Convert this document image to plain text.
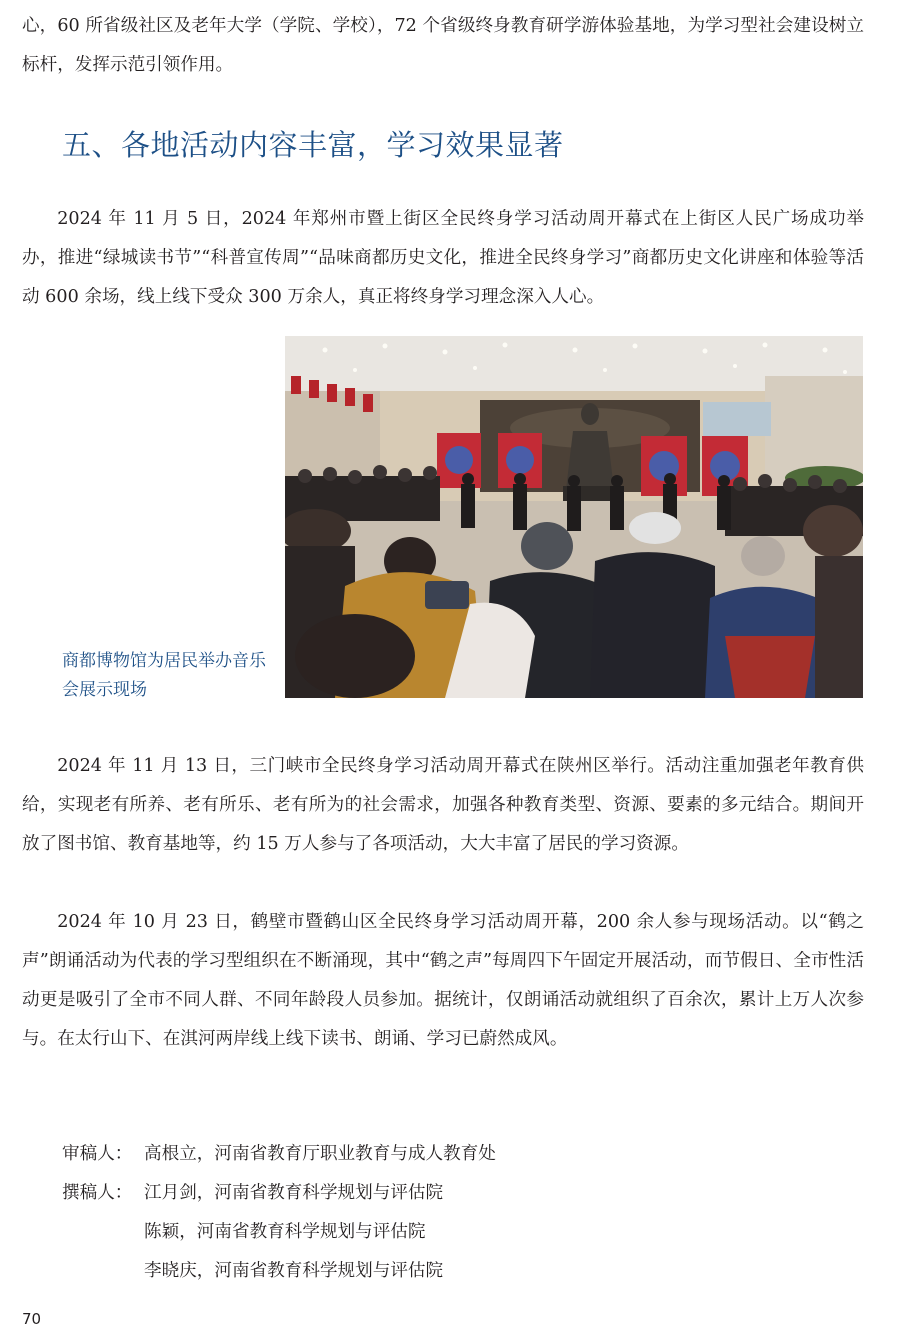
心，60 所省级社区及老年大学（学院、学校），72 个省级终身教育研学游体验基地，为学习型社会建设树立标杆，发挥示范引领作用。

五、各地活动内容丰富，学习效果显著

2024 年 11 月 5 日，2024 年郑州市暨上街区全民终身学习活动周开幕式在上街区人民广场成功举办，推进“绿城读书节”“科普宣传周”“品味商都历史文化，推进全民终身学习”商都历史文化讲座和体验等活动 600 余场，线上线下受众 300 万余人，真正将终身学习理念深入人心。

商都博物馆为居民举办音乐会展示现场

2024 年 11 月 13 日，三门峡市全民终身学习活动周开幕式在陕州区举行。活动注重加强老年教育供给，实现老有所养、老有所乐、老有所为的社会需求，加强各种教育类型、资源、要素的多元结合。期间开放了图书馆、教育基地等，约 15 万人参与了各项活动，大大丰富了居民的学习资源。

2024 年 10 月 23 日，鹤壁市暨鹤山区全民终身学习活动周开幕，200 余人参与现场活动。以“鹤之声”朗诵活动为代表的学习型组织在不断涌现，其中“鹤之声”每周四下午固定开展活动，而节假日、全市性活动更是吸引了全市不同人群、不同年龄段人员参加。据统计，仅朗诵活动就组织了百余次，累计上万人次参与。在太行山下、在淇河两岸线上线下读书、朗诵、学习已蔚然成风。

审稿人： 高根立，河南省教育厅职业教育与成人教育处
撰稿人： 江月剑，河南省教育科学规划与评估院
陈颖，河南省教育科学规划与评估院
李晓庆，河南省教育科学规划与评估院
70
